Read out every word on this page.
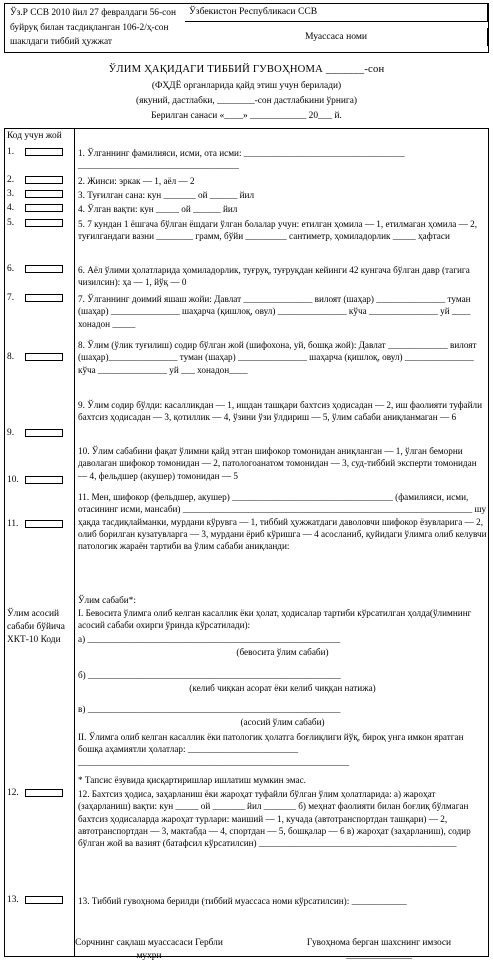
Ўзбекистон Республикаси ССВ
Ўз.Р ССВ 2010 йил 27 февралдаги 56-сон буйруқ билан тасдиқланган 106-2/ҳ-сон шаклдаги тиббий ҳужжат
Муассаса номи
ЎЛИМ ҲАҚИДАГИ ТИББИЙ ГУВОҲНОМА _______-сон
(ФҲДЁ органларида қайд этиш учун берилади)
(якуний, дастлабки, ________-сон дастлабкини ўрнига)
Берилган санаси «____» ____________ 20___ й.
Код учун жой
1.	1. Ўлганнинг фамилияси, исми, ота исми: ___________________________________ ___________________________________
2.	2. Жинси: эркак — 1, аёл — 2
3.	3. Туғилган сана: кун _______ ой ______ йил
4.	4. Ўлган вақти: кун _____ ой ______ йил
5.	5. 7 кундан 1 ёшгача бўлган ёшдаги ўлган болалар учун: етилган ҳомила — 1, етилмаган ҳомила — 2, туғилгандаги вазни ________ грамм, бўйи _________ сантиметр, ҳомиладорлик _____ ҳафтаси
6.	6. Аёл ўлими ҳолатларида ҳомиладорлик, туғруқ, туғруқдан кейинги 42 кунгача бўлган давр (тагига чизилсин): ҳа — 1, йўқ — 0
7.	7. Ўлганнинг доимий яшаш жойи: Давлат _______________ вилоят (шаҳар) _______________ туман (шаҳар) _______________ шаҳарча (қишлоқ, овул) _______________ кўча _______________ уй ____ хонадон _____
8.
8. Ўлим (ўлик туғилиш) содир бўлган жой (шифохона, уй, бошқа жой): Давлат _____________ вилоят (шаҳар)_______________ туман (шаҳар) _______________ шаҳарча (қишлоқ, овул) _______________ кўча _______________ уй ___ хонадон____
9.
9. Ўлим содир бўлди: касалликдан — 1, ишдан ташқари бахтсиз ҳодисадан — 2, иш фаолияти туфайли бахтсиз ҳодисадан — 3, қотиллик — 4, ўзини ўзи ўлдириш — 5, ўлим сабаби аниқланмаган — 6
10.
10. Ўлим сабабини фақат ўлимни қайд этган шифокор томонидан аниқланган — 1, ўлган беморни даволаган шифокор томонидан — 2, патологоанатом томонидан — 3, суд-тиббий эксперти томонидан — 4, фельдшер (акушер) томонидан — 5
11.
11. Мен, шифокор (фельдшер, акушер) ___________________________________ (фамилияси, исми, отасининг исми, мансаби) _______________________________________________________________ шу ҳақда тасдиқлайманки, мурдани кўрувга — 1, тиббий ҳужжатдаги даволовчи шифокор ёзувларига — 2, олиб борилган кузатувларга — 3, мурдани ёриб кўришга — 4 асосланиб, қуйидаги ўлимга олиб келувчи патологик жараён тартиби ва ўлим сабаби аниқланди:
Ўлим асосий сабаби бўйича ХКТ-10 Коди
Ўлим сабаби*:
I. Бевосита ўлимга олиб келган касаллик ёки ҳолат, ҳодисалар тартиби кўрсатилган ҳолда(ўлимнинг асосий сабаби охирги ўринда кўрсатилади):
а) _______________________________________________________
(бевосита ўлим сабаби)
б) _______________________________________________________
(келиб чиқкан асорат ёки келиб чиққан натижа)
в) _______________________________________________________
(асосий ўлим сабаби)
II. Ўлимга олиб келган касаллик ёки патологик ҳолатга боғлиқлиги йўқ, бироқ унга имкон яратган бошқа аҳамиятли ҳолатлар: ________________________ ___________________________________________________________
* Тапсис ёзувида қисқартиришлар ишлатиш мумкин эмас.
12.	12. Бахтсиз ҳодиса, заҳарланиш ёки жароҳат туфайли бўлган ўлим ҳолатларида: а) жароҳат (заҳарланиш) вақти: кун _____ ой _______ йил _______ б) меҳнат фаолияти билан боғлиқ бўлмаган бахтсиз ҳодисаларда жароҳат турлари: маиший — 1, кучада (автотранспортдан ташқари) — 2, автотранспортдан — 3, мактабда — 4, спортдан — 5, бошқалар — 6 в) жароҳат (заҳарланиш), содир бўлган жой ва вазият (батафсил кўрсатилсин) ___________________________________________
13.	13. Тиббий гувоҳнома берилди (тиббий муассаса номи кўрсатилсин): ____________
Сорчнинг сақлаш муассасаси Гербли мухри
Гувоҳнома берган шахснинг имзоси ______________
